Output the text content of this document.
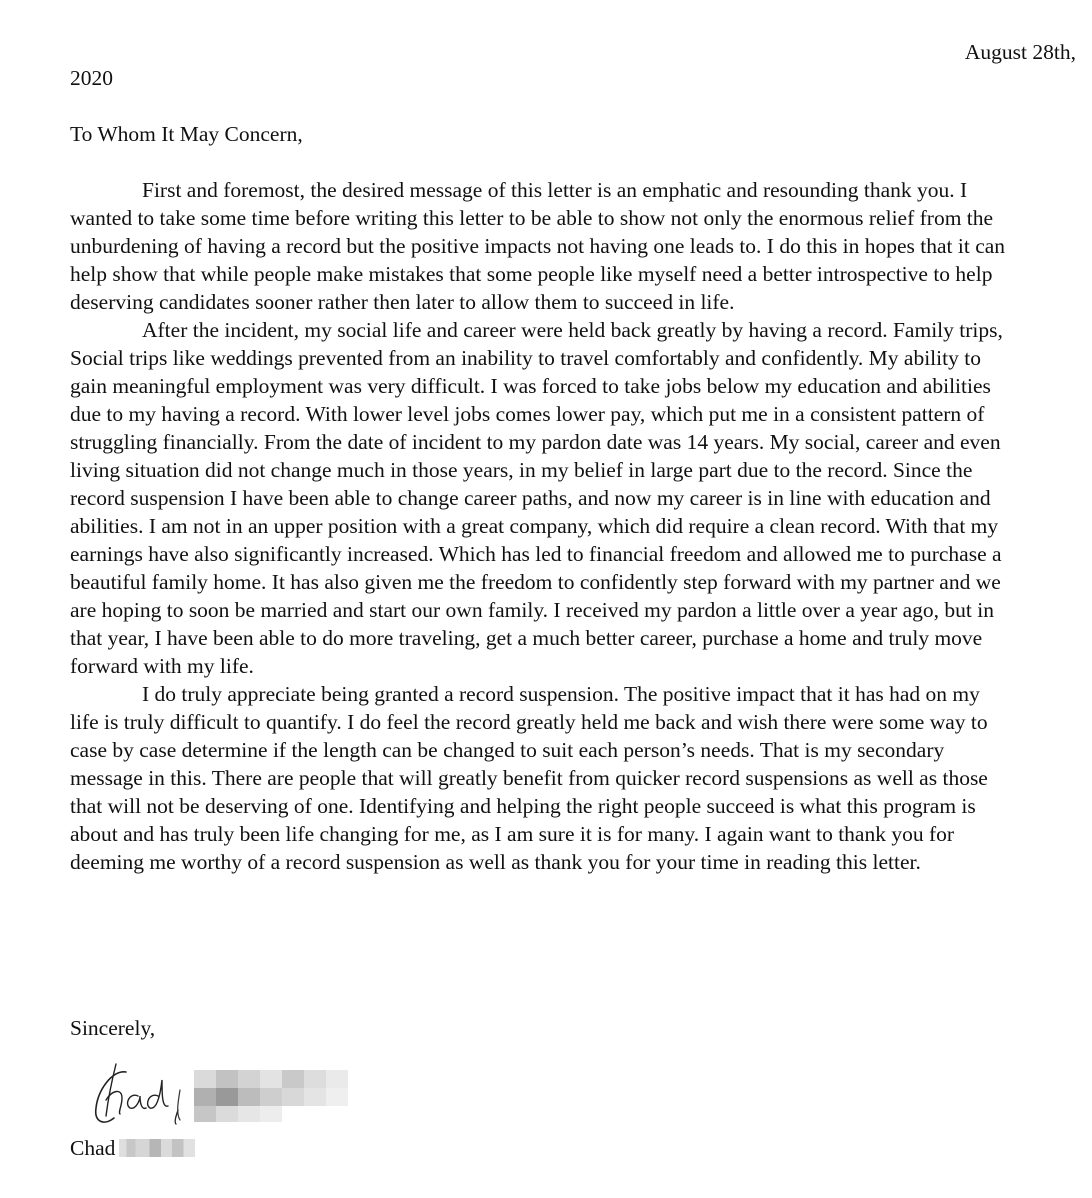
August 28th,
2020
To Whom It May Concern,

First and foremost, the desired message of this letter is an emphatic and resounding thank you. I wanted to take some time before writing this letter to be able to show not only the enormous relief from the unburdening of having a record but the positive impacts not having one leads to. I do this in hopes that it can help show that while people make mistakes that some people like myself need a better introspective to help deserving candidates sooner rather then later to allow them to succeed in life.

After the incident, my social life and career were held back greatly by having a record. Family trips, Social trips like weddings prevented from an inability to travel comfortably and confidently. My ability to gain meaningful employment was very difficult. I was forced to take jobs below my education and abilities due to my having a record. With lower level jobs comes lower pay, which put me in a consistent pattern of struggling financially. From the date of incident to my pardon date was 14 years. My social, career and even living situation did not change much in those years, in my belief in large part due to the record. Since the record suspension I have been able to change career paths, and now my career is in line with education and abilities. I am not in an upper position with a great company, which did require a clean record. With that my earnings have also significantly increased. Which has led to financial freedom and allowed me to purchase a beautiful family home. It has also given me the freedom to confidently step forward with my partner and we are hoping to soon be married and start our own family. I received my pardon a little over a year ago, but in that year, I have been able to do more traveling, get a much better career, purchase a home and truly move forward with my life.

I do truly appreciate being granted a record suspension. The positive impact that it has had on my life is truly difficult to quantify. I do feel the record greatly held me back and wish there were some way to case by case determine if the length can be changed to suit each person’s needs. That is my secondary message in this. There are people that will greatly benefit from quicker record suspensions as well as those that will not be deserving of one. Identifying and helping the right people succeed is what this program is about and has truly been life changing for me, as I am sure it is for many. I again want to thank you for deeming me worthy of a record suspension as well as thank you for your time in reading this letter.

Sincerely,
Chad
